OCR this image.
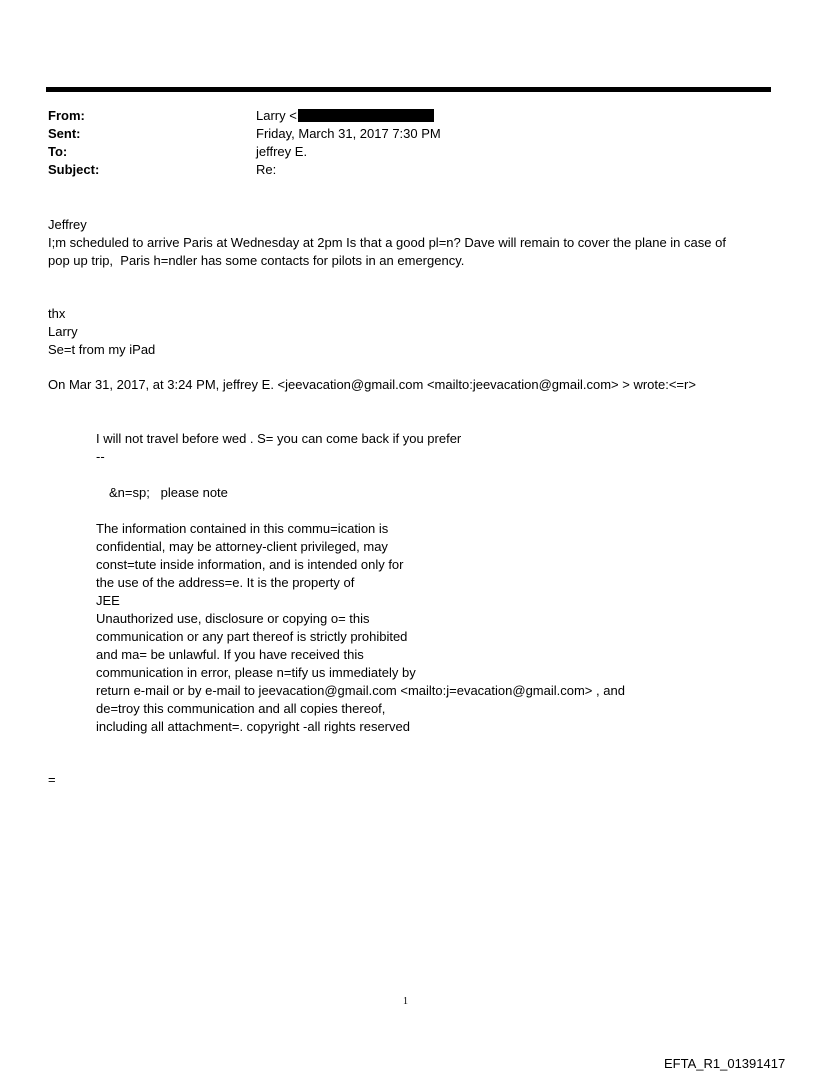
From:	Larry <
Sent:	Friday, March 31, 2017 7:30 PM
To:	jeffrey E.
Subject:	Re:
Jeffrey
I;m scheduled to arrive Paris at Wednesday at 2pm Is that a good pl=n? Dave will remain to cover the plane in case of
pop up trip,  Paris h=ndler has some contacts for pilots in an emergency.
thx
Larry
Se=t from my iPad
On Mar 31, 2017, at 3:24 PM, jeffrey E. <jeevacation@gmail.com <mailto:jeevacation@gmail.com> > wrote:<=r>
I will not travel before wed . S= you can come back if you prefer
--
&n=sp;   please note
The information contained in this commu=ication is
confidential, may be attorney-client privileged, may
const=tute inside information, and is intended only for
the use of the address=e. It is the property of
JEE
Unauthorized use, disclosure or copying o= this
communication or any part thereof is strictly prohibited
and ma= be unlawful. If you have received this
communication in error, please n=tify us immediately by
return e-mail or by e-mail to jeevacation@gmail.com <mailto:j=evacation@gmail.com> , and
de=troy this communication and all copies thereof,
including all attachment=. copyright -all rights reserved
=
1
EFTA_R1_01391417
